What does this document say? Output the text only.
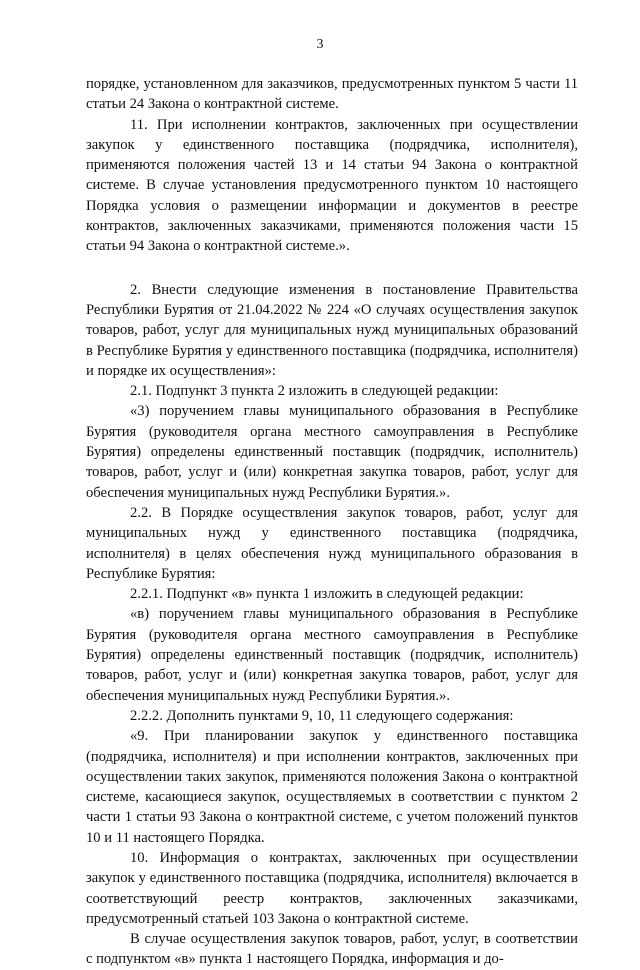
3

порядке, установленном для заказчиков, предусмотренных пунктом 5 части 11 статьи 24 Закона о контрактной системе.

11. При исполнении контрактов, заключенных при осуществлении закупок у единственного поставщика (подрядчика, исполнителя), применяются положения частей 13 и 14 статьи 94 Закона о контрактной системе. В случае установления предусмотренного пунктом 10 настоящего Порядка условия о размещении информации и документов в реестре контрактов, заключенных заказчиками, применяются положения части 15 статьи 94 Закона о контрактной системе.».

2. Внести следующие изменения в постановление Правительства Республики Бурятия от 21.04.2022 № 224 «О случаях осуществления закупок товаров, работ, услуг для муниципальных нужд муниципальных образований в Республике Бурятия у единственного поставщика (подрядчика, исполнителя) и порядке их осуществления»:

2.1. Подпункт 3 пункта 2 изложить в следующей редакции:

«3) поручением главы муниципального образования в Республике Бурятия (руководителя органа местного самоуправления в Республике Бурятия) определены единственный поставщик (подрядчик, исполнитель) товаров, работ, услуг и (или) конкретная закупка товаров, работ, услуг для обеспечения муниципальных нужд Республики Бурятия.».

2.2. В Порядке осуществления закупок товаров, работ, услуг для муниципальных нужд у единственного поставщика (подрядчика, исполнителя) в целях обеспечения нужд муниципального образования в Республике Бурятия:

2.2.1. Подпункт «в» пункта 1 изложить в следующей редакции:

«в) поручением главы муниципального образования в Республике Бурятия (руководителя органа местного самоуправления в Республике Бурятия) определены единственный поставщик (подрядчик, исполнитель) товаров, работ, услуг и (или) конкретная закупка товаров, работ, услуг для обеспечения муниципальных нужд Республики Бурятия.».

2.2.2. Дополнить пунктами 9, 10, 11 следующего содержания:

«9. При планировании закупок у единственного поставщика (подрядчика, исполнителя) и при исполнении контрактов, заключенных при осуществлении таких закупок, применяются положения Закона о контрактной системе, касающиеся закупок, осуществляемых в соответствии с пунктом 2 части 1 статьи 93 Закона о контрактной системе, с учетом положений пунктов 10 и 11 настоящего Порядка.

10. Информация о контрактах, заключенных при осуществлении закупок у единственного поставщика (подрядчика, исполнителя) включается в соответствующий реестр контрактов, заключенных заказчиками, предусмотренный статьей 103 Закона о контрактной системе.

В случае осуществления закупок товаров, работ, услуг, в соответствии с подпунктом «в» пункта 1 настоящего Порядка, информация и до-
